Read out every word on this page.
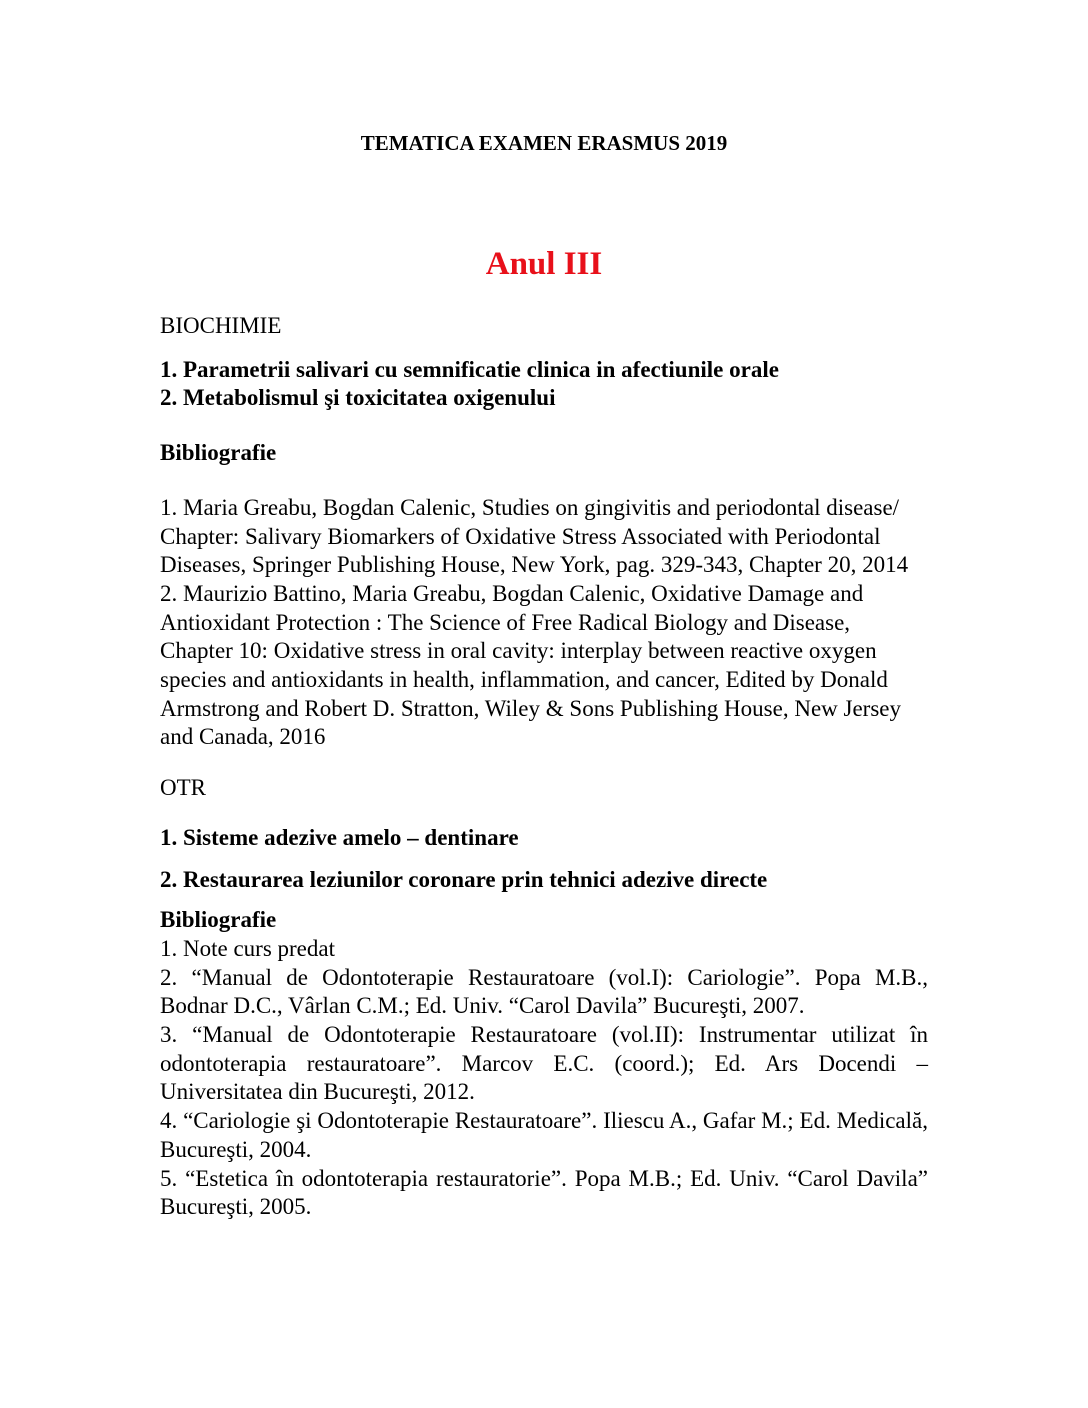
TEMATICA EXAMEN ERASMUS 2019
Anul III

BIOCHIMIE

1. Parametrii salivari cu semnificatie clinica in afectiunile orale

2. Metabolismul şi toxicitatea oxigenului

Bibliografie

1. Maria Greabu, Bogdan Calenic, Studies on gingivitis and periodontal disease/ Chapter: Salivary Biomarkers of Oxidative Stress Associated with Periodontal Diseases, Springer Publishing House, New York, pag. 329-343, Chapter 20, 2014

2. Maurizio Battino, Maria Greabu, Bogdan Calenic, Oxidative Damage and Antioxidant Protection : The Science of Free Radical Biology and Disease, Chapter 10: Oxidative stress in oral cavity: interplay between reactive oxygen species and antioxidants in health, inflammation, and cancer, Edited by Donald Armstrong and Robert D. Stratton, Wiley & Sons Publishing House, New Jersey and Canada, 2016

OTR

1. Sisteme adezive amelo – dentinare

2. Restaurarea leziunilor coronare prin tehnici adezive directe

Bibliografie

1. Note curs predat

2. “Manual de Odontoterapie Restauratoare (vol.I): Cariologie”. Popa M.B., Bodnar D.C., Vârlan C.M.; Ed. Univ. “Carol Davila” Bucureşti, 2007.

3. “Manual de Odontoterapie Restauratoare (vol.II): Instrumentar utilizat în odontoterapia restauratoare”. Marcov E.C. (coord.); Ed. Ars Docendi – Universitatea din Bucureşti, 2012.

4. “Cariologie şi Odontoterapie Restauratoare”. Iliescu A., Gafar M.; Ed. Medicală, Bucureşti, 2004.

5. “Estetica în odontoterapia restauratorie”. Popa M.B.; Ed. Univ. “Carol Davila” Bucureşti, 2005.
